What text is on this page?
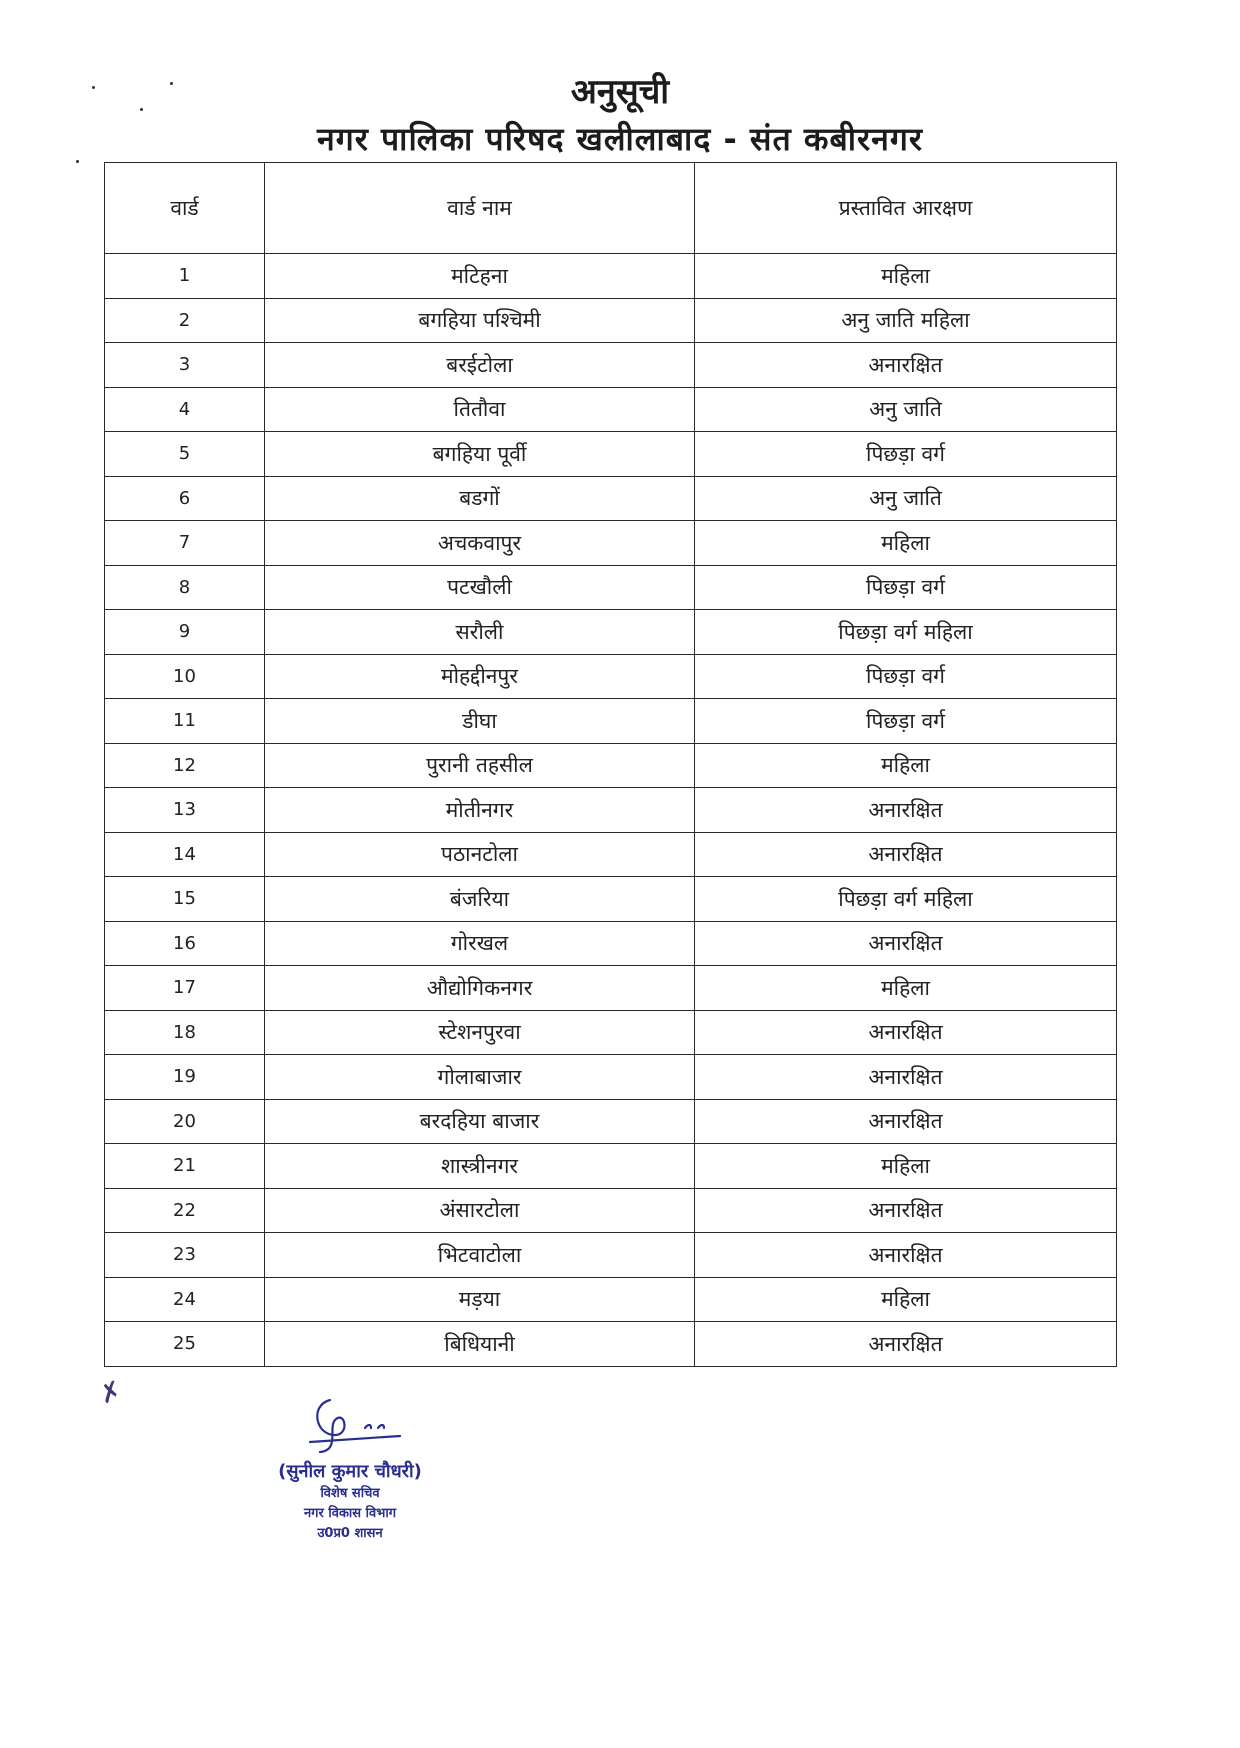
अनुसूची
नगर पालिका परिषद खलीलाबाद - संत कबीरनगर
वार्ड	वार्ड नाम	प्रस्तावित आरक्षण
1	मटिहना	महिला
2	बगहिया पश्चिमी	अनु जाति महिला
3	बरईटोला	अनारक्षित
4	तितौवा	अनु जाति
5	बगहिया पूर्वी	पिछड़ा वर्ग
6	बडगों	अनु जाति
7	अचकवापुर	महिला
8	पटखौली	पिछड़ा वर्ग
9	सरौली	पिछड़ा वर्ग महिला
10	मोहद्दीनपुर	पिछड़ा वर्ग
11	डीघा	पिछड़ा वर्ग
12	पुरानी तहसील	महिला
13	मोतीनगर	अनारक्षित
14	पठानटोला	अनारक्षित
15	बंजरिया	पिछड़ा वर्ग महिला
16	गोरखल	अनारक्षित
17	औद्योगिकनगर	महिला
18	स्टेशनपुरवा	अनारक्षित
19	गोलाबाजार	अनारक्षित
20	बरदहिया बाजार	अनारक्षित
21	शास्त्रीनगर	महिला
22	अंसारटोला	अनारक्षित
23	भिटवाटोला	अनारक्षित
24	मड़या	महिला
25	बिधियानी	अनारक्षित
✗

(सुनील कुमार चौधरी)

विशेष सचिव

नगर विकास विभाग

उ0प्र0 शासन
